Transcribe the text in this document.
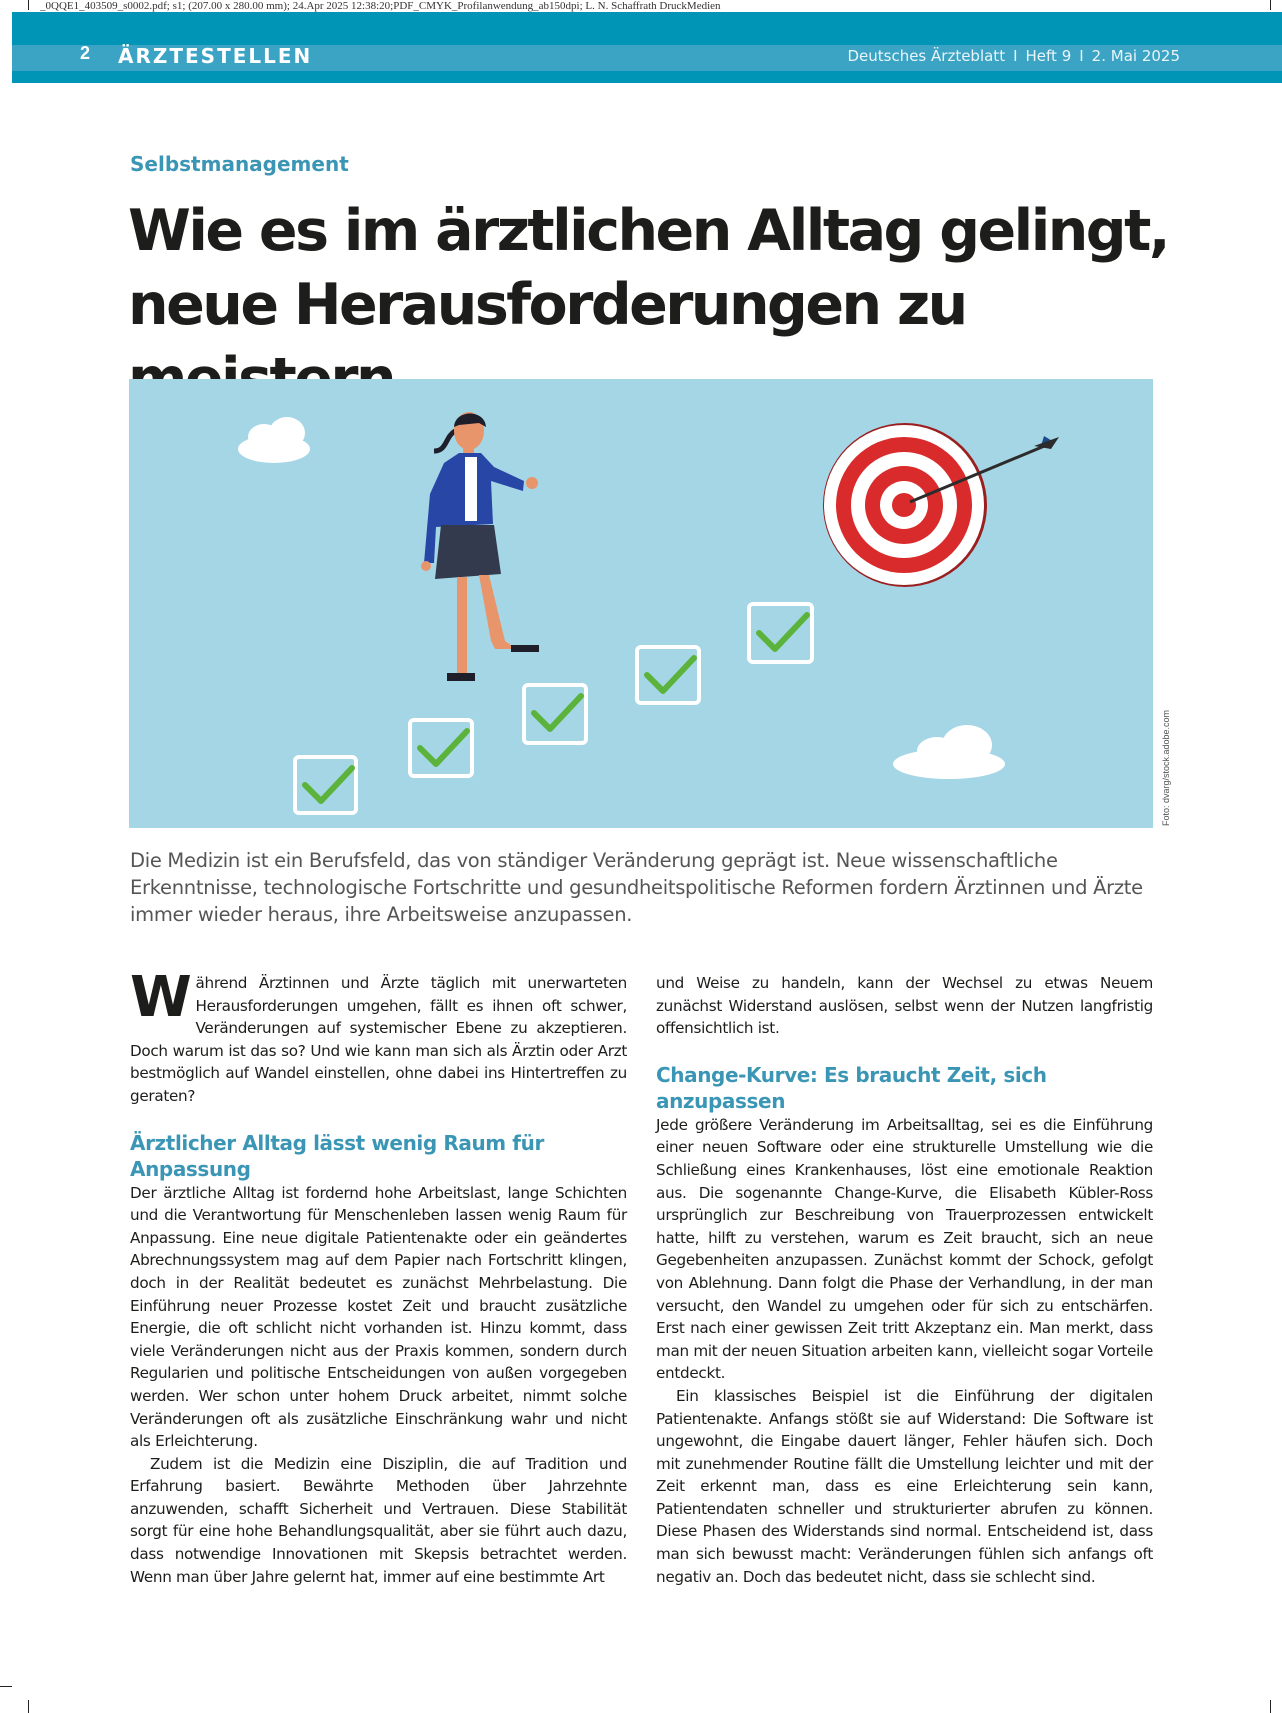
_0QQE1_403509_s0002.pdf; s1; (207.00 x 280.00 mm); 24.Apr 2025 12:38:20;PDF_CMYK_Profilanwendung_ab150dpi; L. N. Schaffrath DruckMedien
2 ÄRZTESTELLEN	Deutsches Ärzteblatt I Heft 9 I 2. Mai 2025
Selbstmanagement
Wie es im ärztlichen Alltag gelingt,
neue Herausforderungen zu
Foto: dvarg/stock.adobe.com

Die Medizin ist ein Berufsfeld, das von ständiger Veränderung geprägt ist. Neue wissenschaftliche Erkenntnisse, technologische Fortschritte und gesundheitspolitische Reformen fordern Ärztinnen und Ärzte immer wieder heraus, ihre Arbeitsweise anzupassen.

Während Ärztinnen und Ärzte täglich mit unerwarteten Herausforderungen umgehen, fällt es ihnen oft schwer, Veränderungen auf systemischer Ebene zu akzeptieren. Doch warum ist das so? Und wie kann man sich als Ärztin oder Arzt bestmöglich auf Wandel einstellen, ohne dabei ins Hintertreffen zu geraten?

Ärztlicher Alltag lässt wenig Raum für Anpassung

Der ärztliche Alltag ist fordernd hohe Arbeitslast, lange Schichten und die Verantwortung für Menschenleben lassen wenig Raum für Anpassung. Eine neue digitale Patientenakte oder ein geändertes Abrechnungssystem mag auf dem Papier nach Fortschritt klingen, doch in der Realität bedeutet es zunächst Mehrbelastung. Die Einführung neuer Prozesse kostet Zeit und braucht zusätzliche Energie, die oft schlicht nicht vorhanden ist. Hinzu kommt, dass viele Veränderungen nicht aus der Praxis kommen, sondern durch Regularien und politische Entscheidungen von außen vorgegeben werden. Wer schon unter hohem Druck arbeitet, nimmt solche Veränderungen oft als zusätzliche Einschränkung wahr und nicht als Erleichterung.

Zudem ist die Medizin eine Disziplin, die auf Tradition und Erfahrung basiert. Bewährte Methoden über Jahrzehnte anzuwenden, schafft Sicherheit und Vertrauen. Diese Stabilität sorgt für eine hohe Behandlungsqualität, aber sie führt auch dazu, dass notwendige Innovationen mit Skepsis betrachtet werden. Wenn man über Jahre gelernt hat, immer auf eine bestimmte Art

und Weise zu handeln, kann der Wechsel zu etwas Neuem zunächst Widerstand auslösen, selbst wenn der Nutzen langfristig offensichtlich ist.

Change-Kurve: Es braucht Zeit, sich anzupassen

Jede größere Veränderung im Arbeitsalltag, sei es die Einführung einer neuen Software oder eine strukturelle Umstellung wie die Schließung eines Krankenhauses, löst eine emotionale Reaktion aus. Die sogenannte Change-Kurve, die Elisabeth Kübler-Ross ursprünglich zur Beschreibung von Trauerprozessen entwickelt hatte, hilft zu verstehen, warum es Zeit braucht, sich an neue Gegebenheiten anzupassen. Zunächst kommt der Schock, gefolgt von Ablehnung. Dann folgt die Phase der Verhandlung, in der man versucht, den Wandel zu umgehen oder für sich zu entschärfen. Erst nach einer gewissen Zeit tritt Akzeptanz ein. Man merkt, dass man mit der neuen Situation arbeiten kann, vielleicht sogar Vorteile entdeckt.

Ein klassisches Beispiel ist die Einführung der digitalen Patientenakte. Anfangs stößt sie auf Widerstand: Die Software ist ungewohnt, die Eingabe dauert länger, Fehler häufen sich. Doch mit zunehmender Routine fällt die Umstellung leichter und mit der Zeit erkennt man, dass es eine Erleichterung sein kann, Patientendaten schneller und strukturierter abrufen zu können. Diese Phasen des Widerstands sind normal. Entscheidend ist, dass man sich bewusst macht: Veränderungen fühlen sich anfangs oft negativ an. Doch das bedeutet nicht, dass sie schlecht sind.
